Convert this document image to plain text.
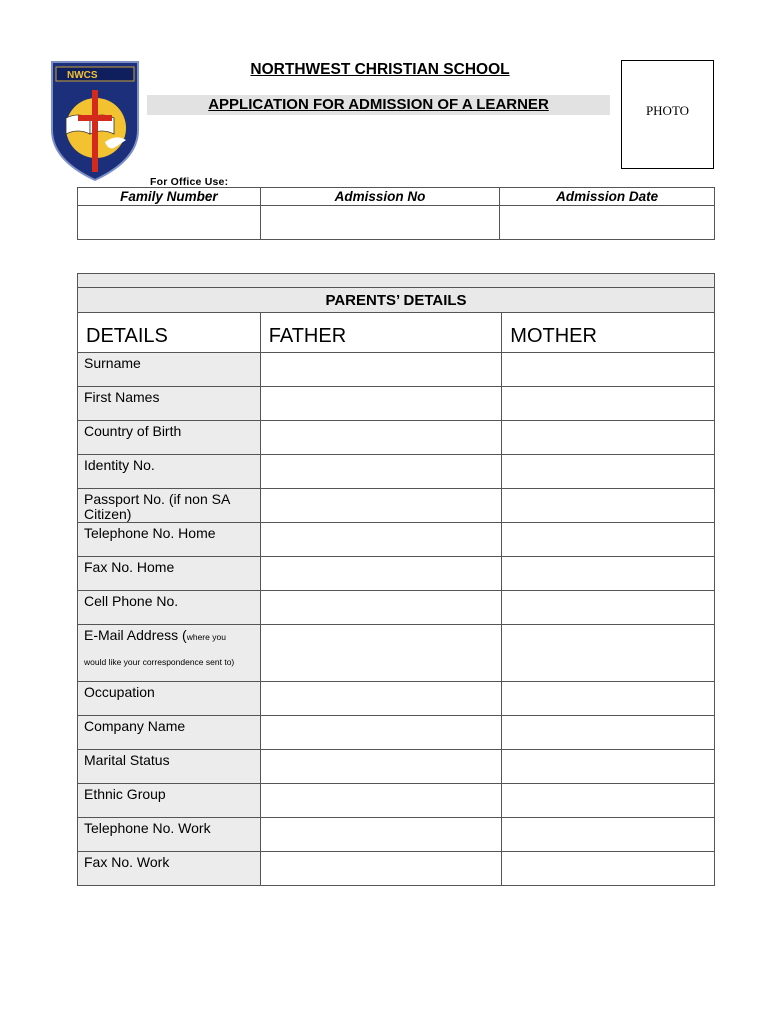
NWCS	NORTHWEST CHRISTIAN SCHOOL
APPLICATION FOR ADMISSION OF A LEARNER	PHOTO
For Office Use:
Family Number	Admission No	Admission Date

PARENTS’ DETAILS		
DETAILS	FATHER	MOTHER
Surname		
First Names		
Country of Birth		
Identity No.		
Passport No. (if non SA Citizen)		
Telephone No. Home		
Fax No. Home		
Cell Phone No.		
E-Mail Address (where you
would like your correspondence sent to)		

Occupation		
Company Name		
Marital Status		
Ethnic Group		
Telephone No. Work		
Fax No. Work		
